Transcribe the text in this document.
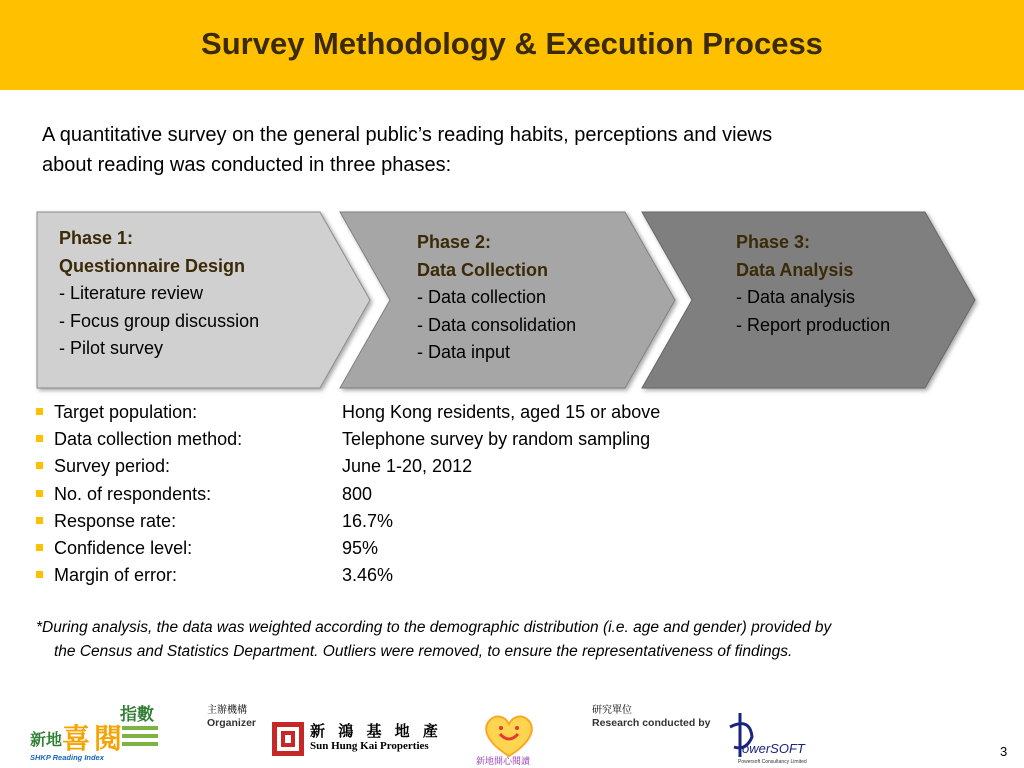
Survey Methodology & Execution Process
A quantitative survey on the general public’s reading habits, perceptions and views
about reading was conducted in three phases:
Phase 1:
Questionnaire Design
- Literature review
- Focus group discussion
- Pilot survey
Phase 2:
Data Collection
- Data collection
- Data consolidation
- Data input
Phase 3:
Data Analysis
- Data analysis
- Report production
Target population:	Hong Kong residents, aged 15 or above
Data collection method:	Telephone survey by random sampling
Survey period:	June 1-20, 2012
No. of respondents:	800
Response rate:	16.7%
Confidence level:	95%
Margin of error:	3.46%
*During analysis, the data was weighted according to the demographic distribution (i.e. age and gender) provided by
the Census and Statistics Department. Outliers were removed, to ensure the representativeness of findings.
新地 喜閱
指數
SHKP Reading Index
主辦機構
Organizer	新 鴻 基 地 產
Sun Hung Kai Properties
新地開心閱讀
研究單位
Research conducted by
owerSOFT
Powersoft Consultancy Limited
3
